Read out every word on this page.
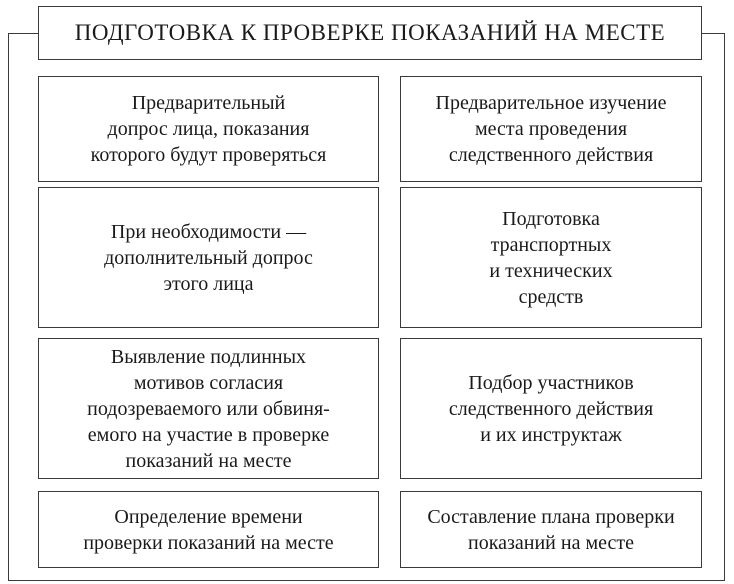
ПОДГОТОВКА К ПРОВЕРКЕ ПОКАЗАНИЙ НА МЕСТЕ
Предварительный
допрос лица, показания
которого будут проверяться
При необходимости —
дополнительный допрос
этого лица
Выявление подлинных
мотивов согласия
подозреваемого или обвиня-
емого на участие в проверке
показаний на месте
Определение времени
проверки показаний на месте
Предварительное изучение
места проведения
следственного действия
Подготовка
транспортных
и технических
средств
Подбор участников
следственного действия
и их инструктаж
Составление плана проверки
показаний на месте
